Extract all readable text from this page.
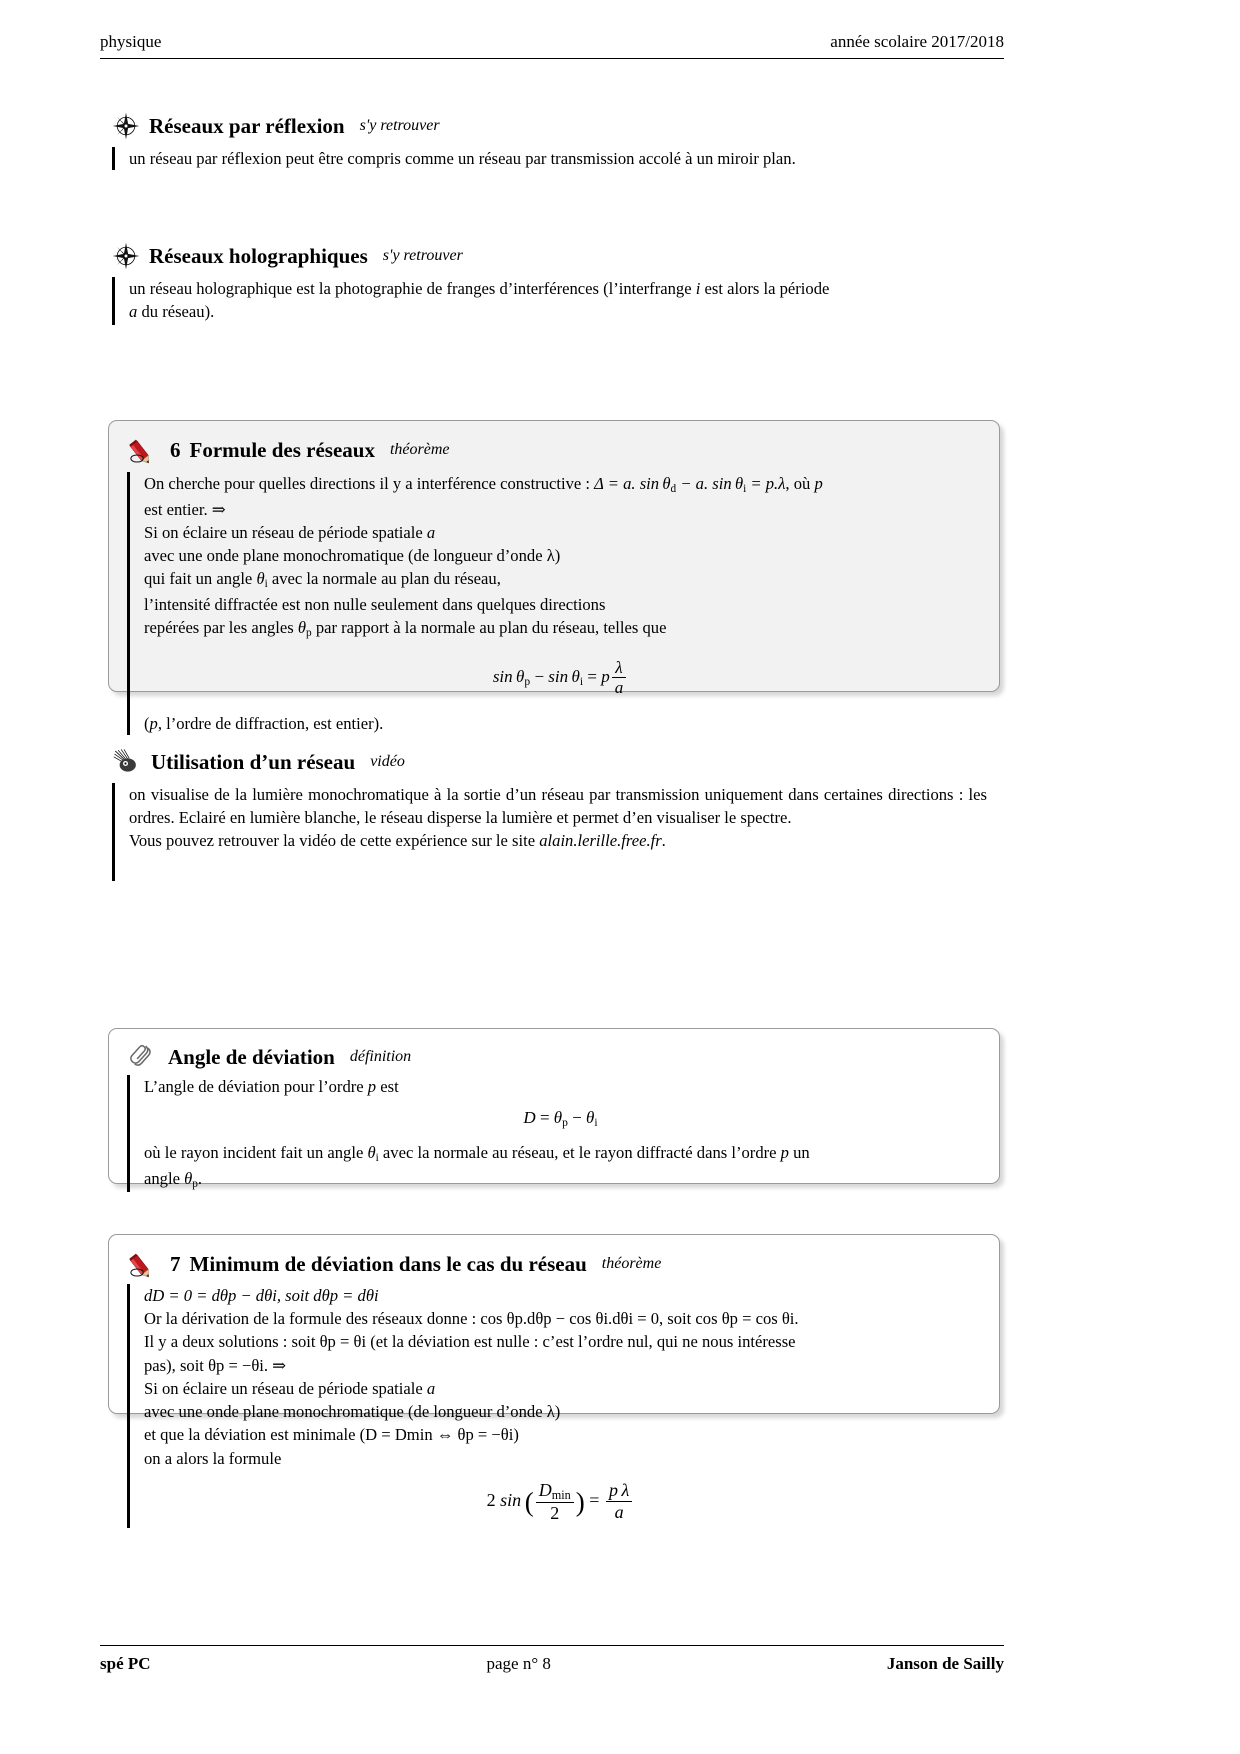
physique	année scolaire 2017/2018
Réseaux par réflexion s'y retrouver
un réseau par réflexion peut être compris comme un réseau par transmission accolé à un miroir plan.
Réseaux holographiques s'y retrouver
un réseau holographique est la photographie de franges d’interférences (l’interfrange i est alors la période
a du réseau).
6 Formule des réseaux théorème
On cherche pour quelles directions il y a interférence constructive : Δ = a. $\sin \theta_d - a$. $\sin \theta_i = p.\lambda$, où p
est entier. ⇒
Si on éclaire un réseau de période spatiale a
avec une onde plane monochromatique (de longueur d’onde λ)
qui fait un angle $\theta_i$ avec la normale au plan du réseau,
l’intensité diffractée est non nulle seulement dans quelques directions
repérées par les angles $\theta_p$ par rapport à la normale au plan du réseau, telles que
$\sin \theta_p - \sin \theta_i = p \frac{\lambda}{a}$
(p, l’ordre de diffraction, est entier).
Utilisation d’un réseau vidéo
on visualise de la lumière monochromatique à la sortie d’un réseau par transmission uniquement dans certaines directions : les ordres. Eclairé en lumière blanche, le réseau disperse la lumière et permet d’en visualiser le spectre.
Vous pouvez retrouver la vidéo de cette expérience sur le site alain.lerille.free.fr.
Angle de déviation définition
L’angle de déviation pour l’ordre p est
$D = \theta_p - \theta_i$
où le rayon incident fait un angle $\theta_i$ avec la normale au réseau, et le rayon diffracté dans l’ordre p un
angle $\theta_p$.
7 Minimum de déviation dans le cas du réseau théorème
dD = 0 = dθp − dθi, soit dθp = dθi
Or la dérivation de la formule des réseaux donne : cos θp.dθp − cos θi.dθi = 0, soit cos θp = cos θi.
Il y a deux solutions : soit θp = θi (et la déviation est nulle : c’est l’ordre nul, qui ne nous intéresse
pas), soit θp = −θi. ⇒
Si on éclaire un réseau de période spatiale a
avec une onde plane monochromatique (de longueur d’onde λ)
et que la déviation est minimale (D = Dmin ⇔ θp = −θi)
on a alors la formule
2 sin  ( $\frac{D_{min}}{2}$ ) = $\frac{\text{p λ}}{a}$
spé PC	page n° 8	Janson de Sailly
